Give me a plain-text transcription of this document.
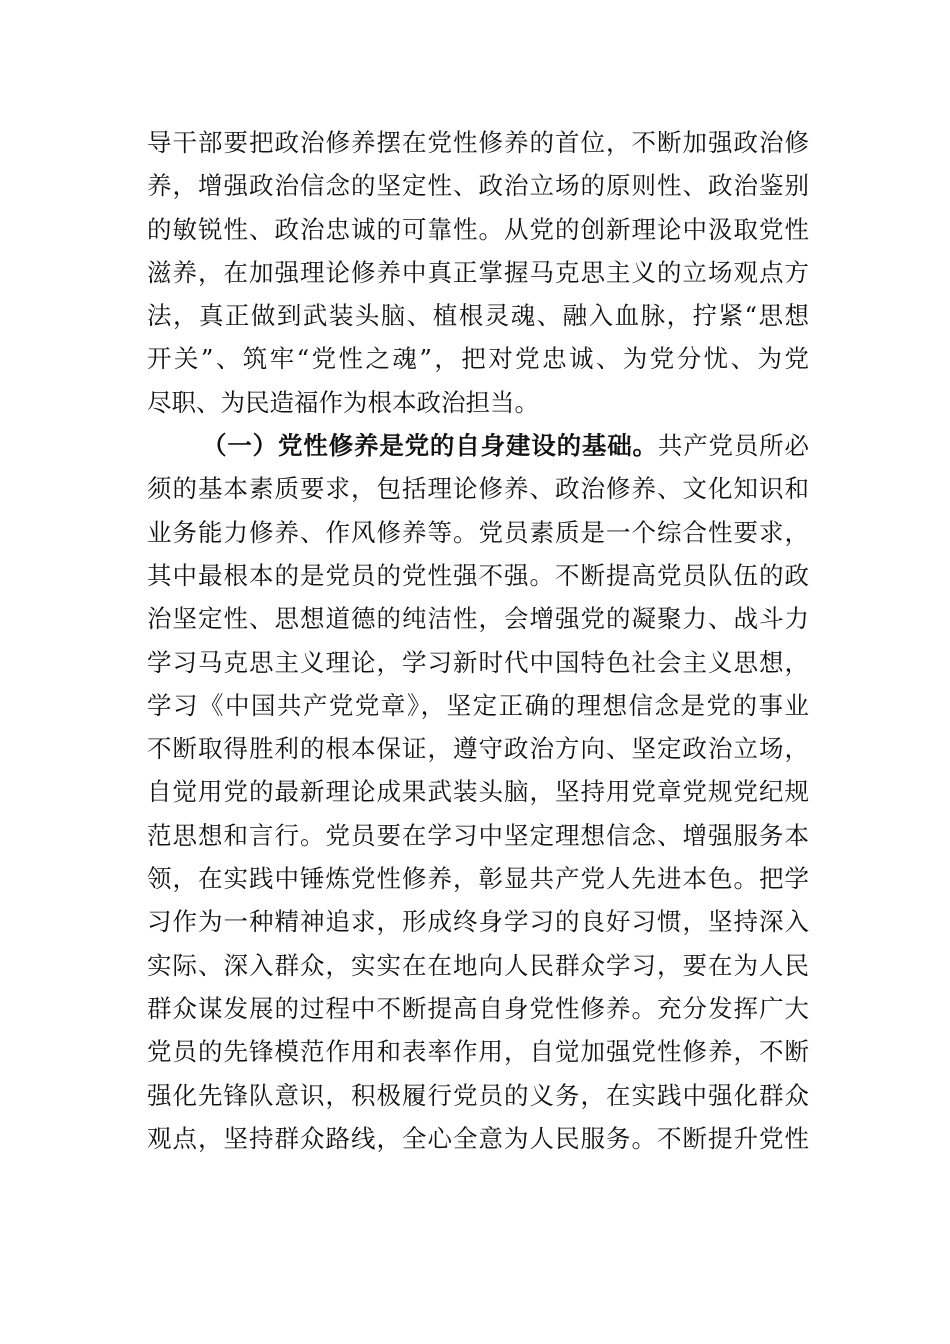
导干部要把政治修养摆在党性修养的首位，不断加强政治修
养，增强政治信念的坚定性、政治立场的原则性、政治鉴别
的敏锐性、政治忠诚的可靠性。从党的创新理论中汲取党性
滋养，在加强理论修养中真正掌握马克思主义的立场观点方
法，真正做到武装头脑、植根灵魂、融入血脉，拧紧“思想
开关”、筑牢“党性之魂”，把对党忠诚、为党分忧、为党
尽职、为民造福作为根本政治担当。
（一）党性修养是党的自身建设的基础。共产党员所必
须的基本素质要求，包括理论修养、政治修养、文化知识和
业务能力修养、作风修养等。党员素质是一个综合性要求，
其中最根本的是党员的党性强不强。不断提高党员队伍的政
治坚定性、思想道德的纯洁性，会增强党的凝聚力、战斗力
学习马克思主义理论，学习新时代中国特色社会主义思想，
学习《中国共产党党章》，坚定正确的理想信念是党的事业
不断取得胜利的根本保证，遵守政治方向、坚定政治立场，
自觉用党的最新理论成果武装头脑，坚持用党章党规党纪规
范思想和言行。党员要在学习中坚定理想信念、增强服务本
领，在实践中锤炼党性修养，彰显共产党人先进本色。把学
习作为一种精神追求，形成终身学习的良好习惯，坚持深入
实际、深入群众，实实在在地向人民群众学习，要在为人民
群众谋发展的过程中不断提高自身党性修养。充分发挥广大
党员的先锋模范作用和表率作用，自觉加强党性修养，不断
强化先锋队意识，积极履行党员的义务，在实践中强化群众
观点，坚持群众路线，全心全意为人民服务。不断提升党性
